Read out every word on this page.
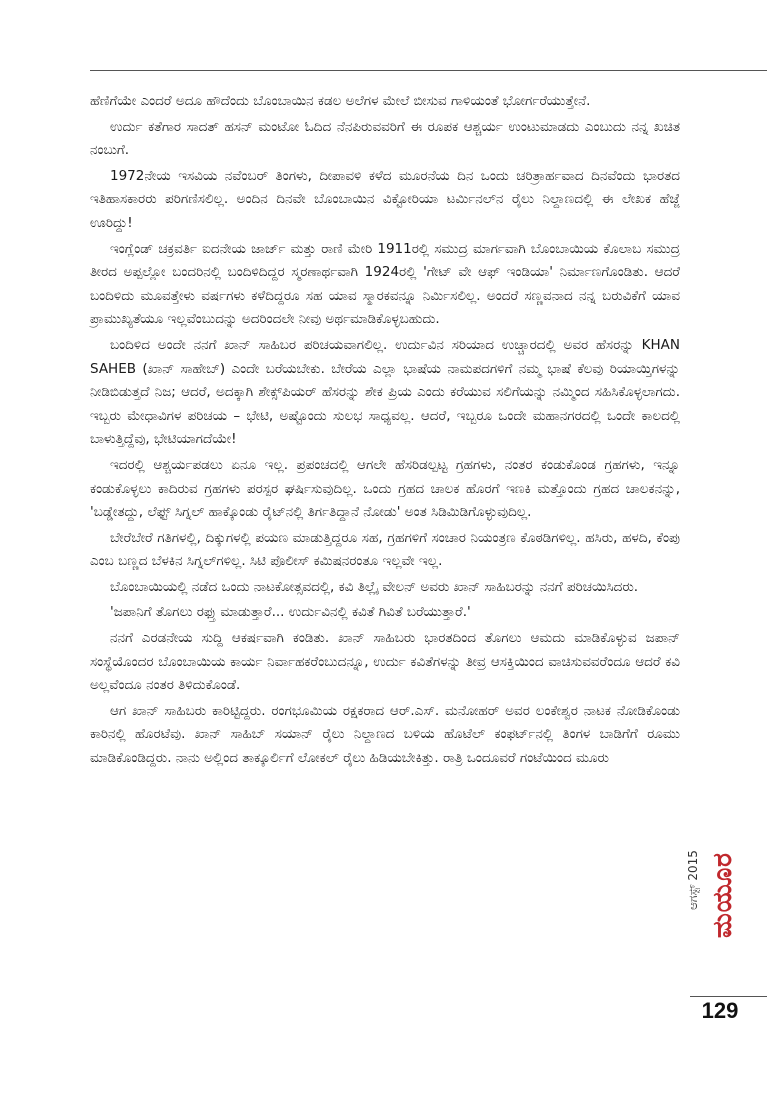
ಹೆಣಿಗೆಯೇ ಎಂದರೆ ಅದೂ ಹೌದೆಂದು ಬೊಂಬಾಯಿನ ಕಡಲ ಅಲೆಗಳ ಮೇಲೆ ಬೀಸುವ ಗಾಳಿಯಂತೆ ಭೋರ್ಗರೆಯುತ್ತೇನೆ.

ಉರ್ದು ಕತೆಗಾರ ಸಾದತ್ ಹಸನ್ ಮಂಟೋ ಓದಿದ ನೆನಪಿರುವವರಿಗೆ ಈ ರೂಪಕ ಆಶ್ಚರ್ಯ ಉಂಟುಮಾಡದು ಎಂಬುದು ನನ್ನ ಖಚಿತ ನಂಬುಗೆ.

1972ನೇಯ ಇಸವಿಯ ನವೆಂಬರ್ ತಿಂಗಳು, ದೀಪಾವಳಿ ಕಳೆದ ಮೂರನೆಯ ದಿನ ಒಂದು ಚರಿತ್ರಾರ್ಹವಾದ ದಿನವೆಂದು ಭಾರತದ ಇತಿಹಾಸಕಾರರು ಪರಿಗಣಿಸಲಿಲ್ಲ. ಅಂದಿನ ದಿನವೇ ಬೊಂಬಾಯಿನ ವಿಕ್ಟೋರಿಯಾ ಟರ್ಮಿನಲ್‌ನ ರೈಲು ನಿಲ್ದಾಣದಲ್ಲಿ ಈ ಲೇಖಕ ಹೆಜ್ಜೆ ಊರಿದ್ದು!

ಇಂಗ್ಲೆಂಡ್ ಚಕ್ರವರ್ತಿ ಐದನೇಯ ಜಾರ್ಜ್ ಮತ್ತು ರಾಣಿ ಮೇರಿ 1911ರಲ್ಲಿ ಸಮುದ್ರ ಮಾರ್ಗವಾಗಿ ಬೊಂಬಾಯಿಯ ಕೊಲಾಬ ಸಮುದ್ರ ತೀರದ ಅಪ್ಪಲ್ಲೋ ಬಂದರಿನಲ್ಲಿ ಬಂದಿಳಿದಿದ್ದರ ಸ್ಮರಣಾರ್ಥವಾಗಿ 1924ರಲ್ಲಿ 'ಗೇಟ್ ವೇ ಆಫ್ ಇಂಡಿಯಾ' ನಿರ್ಮಾಣಗೊಂಡಿತು. ಆದರೆ ಬಂದಿಳಿದು ಮೂವತ್ತೇಳು ವರ್ಷಗಳು ಕಳೆದಿದ್ದರೂ ಸಹ ಯಾವ ಸ್ಮಾರಕವನ್ನೂ ನಿರ್ಮಿಸಲಿಲ್ಲ. ಅಂದರೆ ಸಣ್ಣವನಾದ ನನ್ನ ಬರುವಿಕೆಗೆ ಯಾವ ಪ್ರಾಮುಖ್ಯತೆಯೂ ಇಲ್ಲವೆಂಬುದನ್ನು ಅದರಿಂದಲೇ ನೀವು ಅರ್ಥಮಾಡಿಕೊಳ್ಳಬಹುದು.

ಬಂದಿಳಿದ ಅಂದೇ ನನಗೆ ಖಾನ್ ಸಾಹಿಬರ ಪರಿಚಯವಾಗಲಿಲ್ಲ. ಉರ್ದುವಿನ ಸರಿಯಾದ ಉಚ್ಚಾರದಲ್ಲಿ ಅವರ ಹೆಸರನ್ನು KHAN SAHEB (ಖಾನ್ ಸಾಹೇಬ್) ಎಂದೇ ಬರೆಯಬೇಕು. ಬೇರೆಯ ಎಲ್ಲಾ ಭಾಷೆಯ ನಾಮಪದಗಳಿಗೆ ನಮ್ಮ ಭಾಷೆ ಕೆಲವು ರಿಯಾಯ್ತಿಗಳನ್ನು ನೀಡಿಬಿಡುತ್ತದೆ ನಿಜ; ಆದರೆ, ಅದಕ್ಕಾಗಿ ಶೇಕ್ಸ್‌ಪಿಯರ್ ಹೆಸರನ್ನು ಶೇಕ ಪ್ರಿಯ ಎಂದು ಕರೆಯುವ ಸಲಿಗೆಯನ್ನು ನಮ್ಮಿಂದ ಸಹಿಸಿಕೊಳ್ಳಲಾಗದು. ಇಬ್ಬರು ಮೇಧಾವಿಗಳ ಪರಿಚಯ – ಭೇಟಿ, ಅಷ್ಟೊಂದು ಸುಲಭ ಸಾಧ್ಯವಲ್ಲ. ಆದರೆ, ಇಬ್ಬರೂ ಒಂದೇ ಮಹಾನಗರದಲ್ಲಿ ಒಂದೇ ಕಾಲದಲ್ಲಿ ಬಾಳುತ್ತಿದ್ದೆವು, ಭೇಟಿಯಾಗದೆಯೇ!

ಇದರಲ್ಲಿ ಆಶ್ಚರ್ಯಪಡಲು ಏನೂ ಇಲ್ಲ. ಪ್ರಪಂಚದಲ್ಲಿ ಆಗಲೇ ಹೆಸರಿಡಲ್ಪಟ್ಟ ಗ್ರಹಗಳು, ನಂತರ ಕಂಡುಕೊಂಡ ಗ್ರಹಗಳು, ಇನ್ನೂ ಕಂಡುಕೊಳ್ಳಲು ಕಾದಿರುವ ಗ್ರಹಗಳು ಪರಸ್ಪರ ಘರ್ಷಿಸುವುದಿಲ್ಲ. ಒಂದು ಗ್ರಹದ ಚಾಲಕ ಹೊರಗೆ ಇಣಕಿ ಮತ್ತೊಂದು ಗ್ರಹದ ಚಾಲಕನನ್ನು, 'ಬಡ್ಡೇತದ್ದು, ಲೆಫ್ಟ್ ಸಿಗ್ನಲ್ ಹಾಕ್ಕೊಂಡು ರೈಟ್‌ನಲ್ಲಿ ತಿರ್ಗತಿದ್ದಾನೆ ನೋಡು' ಅಂತ ಸಿಡಿಮಿಡಿಗೊಳ್ಳುವುದಿಲ್ಲ.

ಬೇರೆಬೇರೆ ಗತಿಗಳಲ್ಲಿ, ದಿಕ್ಕುಗಳಲ್ಲಿ ಪಯಣ ಮಾಡುತ್ತಿದ್ದರೂ ಸಹ, ಗ್ರಹಗಳಿಗೆ ಸಂಚಾರ ನಿಯಂತ್ರಣ ಕೊಠಡಿಗಳಿಲ್ಲ. ಹಸಿರು, ಹಳದಿ, ಕೆಂಪು ಎಂಬ ಬಣ್ಣದ ಬೆಳಕಿನ ಸಿಗ್ನಲ್‌ಗಳಿಲ್ಲ. ಸಿಟಿ ಪೊಲೀಸ್ ಕಮಿಷನರಂತೂ ಇಲ್ಲವೇ ಇಲ್ಲ.

ಬೊಂಬಾಯಿಯಲ್ಲಿ ನಡೆದ ಒಂದು ನಾಟಕೋತ್ಸವದಲ್ಲಿ, ಕವಿ ತಿಲ್ಲೈ ವೇಲನ್ ಅವರು ಖಾನ್ ಸಾಹಿಬರನ್ನು ನನಗೆ ಪರಿಚಯಿಸಿದರು.

'ಜಪಾನಿಗೆ ತೊಗಲು ರಫ್ತು ಮಾಡುತ್ತಾರೆ... ಉರ್ದುವಿನಲ್ಲಿ ಕವಿತೆ ಗಿವಿತೆ ಬರೆಯುತ್ತಾರೆ.'

ನನಗೆ ಎರಡನೇಯ ಸುದ್ದಿ ಆಕರ್ಷವಾಗಿ ಕಂಡಿತು. ಖಾನ್ ಸಾಹಿಬರು ಭಾರತದಿಂದ ತೊಗಲು ಆಮದು ಮಾಡಿಕೊಳ್ಳುವ ಜಪಾನ್ ಸಂಸ್ಥೆಯೊಂದರ ಬೊಂಬಾಯಿಯ ಕಾರ್ಯ ನಿರ್ವಾಹಕರೆಂಬುದನ್ನೂ, ಉರ್ದು ಕವಿತೆಗಳನ್ನು ತೀವ್ರ ಆಸಕ್ತಿಯಿಂದ ವಾಚಿಸುವವರೆಂದೂ ಆದರೆ ಕವಿ ಅಲ್ಲವೆಂದೂ ನಂತರ ತಿಳಿದುಕೊಂಡೆ.

ಆಗ ಖಾನ್ ಸಾಹಿಬರು ಕಾರಿಟ್ಟಿದ್ದರು. ರಂಗಭೂಮಿಯ ರಕ್ಷಕರಾದ ಆರ್.ಎಸ್. ಮನೋಹರ್ ಅವರ ಲಂಕೇಶ್ವರ ನಾಟಕ ನೋಡಿಕೊಂಡು ಕಾರಿನಲ್ಲಿ ಹೊರಟೆವು. ಖಾನ್ ಸಾಹಿಬ್ ಸಯಾನ್ ರೈಲು ನಿಲ್ದಾಣದ ಬಳಿಯ ಹೊಟೆಲ್ ಕಂಫರ್ಟ್‌ನಲ್ಲಿ ತಿಂಗಳ ಬಾಡಿಗೆಗೆ ರೂಮು ಮಾಡಿಕೊಂಡಿದ್ದರು. ನಾನು ಅಲ್ಲಿಂದ ತಾಕ್ಕೂರ್ಲಿಗೆ ಲೋಕಲ್ ರೈಲು ಹಿಡಿಯಬೇಕಿತ್ತು. ರಾತ್ರಿ ಒಂದೂವರೆ ಗಂಟೆಯಿಂದ ಮೂರು

ಆಗಸ್ಟ್ 2015 ಮಯೂರ
129
